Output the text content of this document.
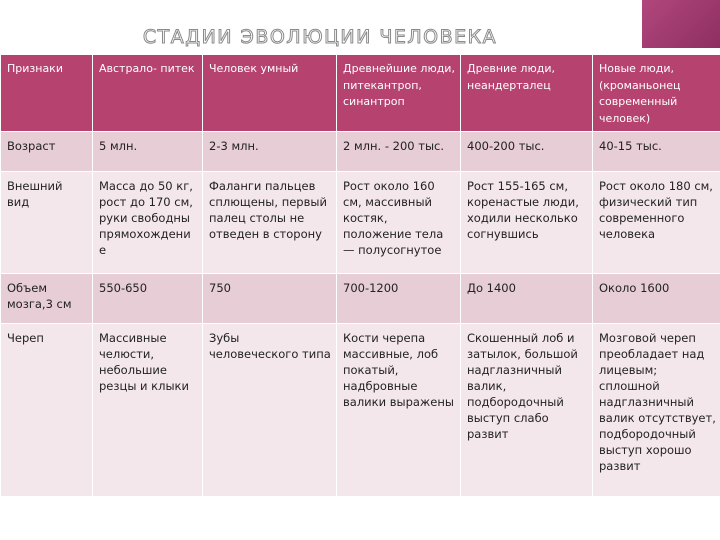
СТАДИИ ЭВОЛЮЦИИ ЧЕЛОВЕКА
Признаки	Австрало- питек	Человек умный	Древнейшие люди, питекантроп, синантроп	Древние люди, неандерталец	Новые люди, (кроманьонец современный человек)
Возраст	5 млн.	2-3 млн.	2 млн. - 200 тыс.	400-200 тыс.	40-15 тыс.
Внешний вид	Масса до 50 кг, рост до 170 см, руки свободны прямохождени е	Фаланги пальцев сплющены, первый палец столы не отведен в сторону	Рост около 160 см, массивный костяк, положение тела — полусогнутое	Рост 155-165 см, коренастые люди, ходили несколько согнувшись	Рост около 180 см, физический тип современного человека
Объем мозга,3 см	550-650	750	700-1200	До 1400	Около 1600
Череп	Массивные челюсти, небольшие резцы и клыки	Зубы человеческого типа	Кости черепа массивные, лоб покатый, надбровные валики выражены	Скошенный лоб и затылок, большой надглазничный валик, подбородочный выступ слабо развит	Мозговой череп преобладает над лицевым; сплошной надглазничный валик отсутствует, подбородочный выступ хорошо развит
